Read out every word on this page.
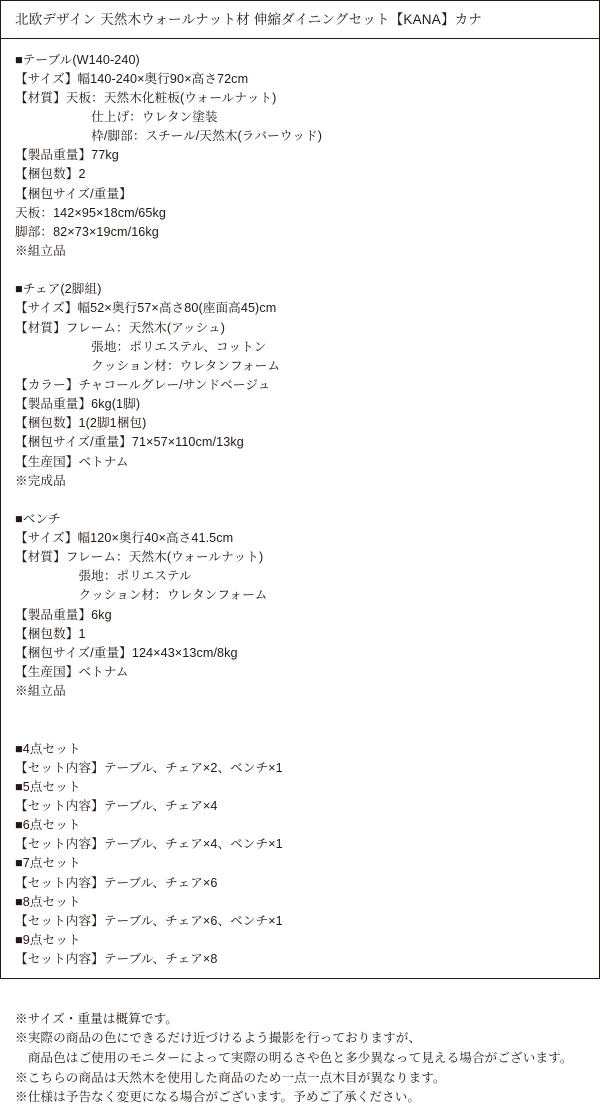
北欧デザイン 天然木ウォールナット材 伸縮ダイニングセット【KANA】カナ
■テーブル(W140-240)
【サイズ】幅140-240×奥行90×高さ72cm
【材質】天板：天然木化粧板(ウォールナット)
　　　　　　仕上げ：ウレタン塗装
　　　　　　枠/脚部：スチール/天然木(ラバーウッド)
【製品重量】77kg
【梱包数】2
【梱包サイズ/重量】
天板：142×95×18cm/65kg
脚部：82×73×19cm/16kg
※組立品
■チェア(2脚組)
【サイズ】幅52×奥行57×高さ80(座面高45)cm
【材質】フレーム：天然木(アッシュ)
　　　　　　張地：ポリエステル、コットン
　　　　　　クッション材：ウレタンフォーム
【カラー】チャコールグレー/サンドベージュ
【製品重量】6kg(1脚)
【梱包数】1(2脚1梱包)
【梱包サイズ/重量】71×57×110cm/13kg
【生産国】ベトナム
※完成品
■ベンチ
【サイズ】幅120×奥行40×高さ41.5cm
【材質】フレーム：天然木(ウォールナット)
　　　　　張地：ポリエステル
　　　　　クッション材：ウレタンフォーム
【製品重量】6kg
【梱包数】1
【梱包サイズ/重量】124×43×13cm/8kg
【生産国】ベトナム
※組立品
■4点セット
【セット内容】テーブル、チェア×2、ベンチ×1
■5点セット
【セット内容】テーブル、チェア×4
■6点セット
【セット内容】テーブル、チェア×4、ベンチ×1
■7点セット
【セット内容】テーブル、チェア×6
■8点セット
【セット内容】テーブル、チェア×6、ベンチ×1
■9点セット
【セット内容】テーブル、チェア×8
※サイズ・重量は概算です。
※実際の商品の色にできるだけ近づけるよう撮影を行っておりますが、
　商品色はご使用のモニターによって実際の明るさや色と多少異なって見える場合がございます。
※こちらの商品は天然木を使用した商品のため一点一点木目が異なります。
※仕様は予告なく変更になる場合がございます。予めご了承ください。
